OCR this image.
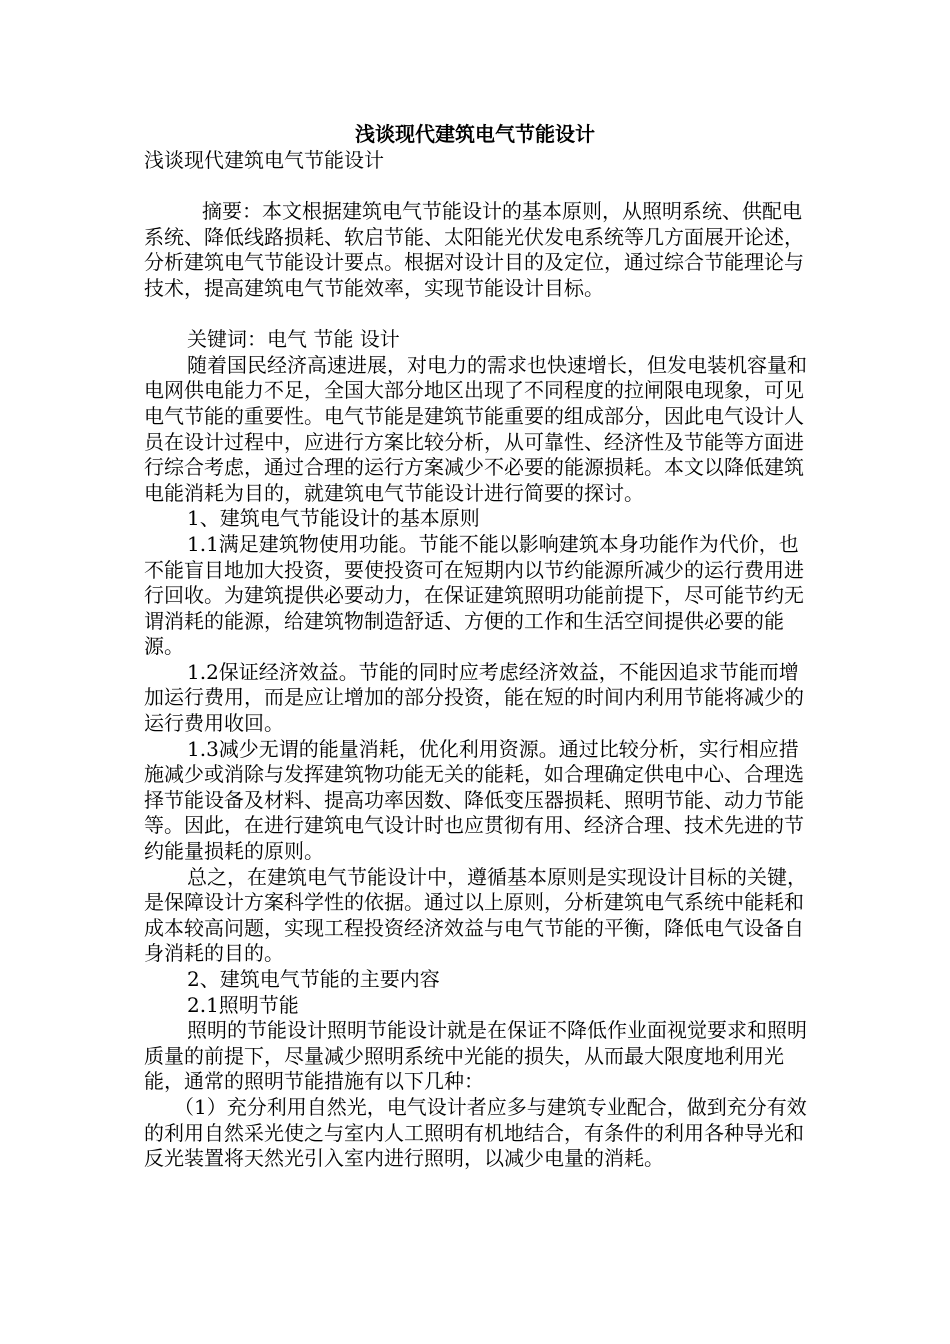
浅谈现代建筑电气节能设计

浅谈现代建筑电气节能设计

摘要：本文根据建筑电气节能设计的基本原则，从照明系统、供配电系统、降低线路损耗、软启节能、太阳能光伏发电系统等几方面展开论述，分析建筑电气节能设计要点。根据对设计目的及定位，通过综合节能理论与技术，提高建筑电气节能效率，实现节能设计目标。

关键词：电气 节能 设计

随着国民经济高速进展，对电力的需求也快速增长，但发电装机容量和电网供电能力不足，全国大部分地区出现了不同程度的拉闸限电现象，可见电气节能的重要性。电气节能是建筑节能重要的组成部分，因此电气设计人员在设计过程中，应进行方案比较分析，从可靠性、经济性及节能等方面进行综合考虑，通过合理的运行方案减少不必要的能源损耗。本文以降低建筑电能消耗为目的，就建筑电气节能设计进行简要的探讨。

1、建筑电气节能设计的基本原则

1.1满足建筑物使用功能。节能不能以影响建筑本身功能作为代价，也不能盲目地加大投资，要使投资可在短期内以节约能源所减少的运行费用进行回收。为建筑提供必要动力，在保证建筑照明功能前提下，尽可能节约无谓消耗的能源，给建筑物制造舒适、方便的工作和生活空间提供必要的能源。

1.2保证经济效益。节能的同时应考虑经济效益，不能因追求节能而增加运行费用，而是应让增加的部分投资，能在短的时间内利用节能将减少的运行费用收回。

1.3减少无谓的能量消耗，优化利用资源。通过比较分析，实行相应措施减少或消除与发挥建筑物功能无关的能耗，如合理确定供电中心、合理选择节能设备及材料、提高功率因数、降低变压器损耗、照明节能、动力节能等。因此，在进行建筑电气设计时也应贯彻有用、经济合理、技术先进的节约能量损耗的原则。

总之，在建筑电气节能设计中，遵循基本原则是实现设计目标的关键，是保障设计方案科学性的依据。通过以上原则，分析建筑电气系统中能耗和成本较高问题，实现工程投资经济效益与电气节能的平衡，降低电气设备自身消耗的目的。

2、建筑电气节能的主要内容

2.1照明节能

照明的节能设计照明节能设计就是在保证不降低作业面视觉要求和照明质量的前提下，尽量减少照明系统中光能的损失，从而最大限度地利用光能，通常的照明节能措施有以下几种：

（1）充分利用自然光，电气设计者应多与建筑专业配合，做到充分有效的利用自然采光使之与室内人工照明有机地结合，有条件的利用各种导光和反光装置将天然光引入室内进行照明，以减少电量的消耗。
